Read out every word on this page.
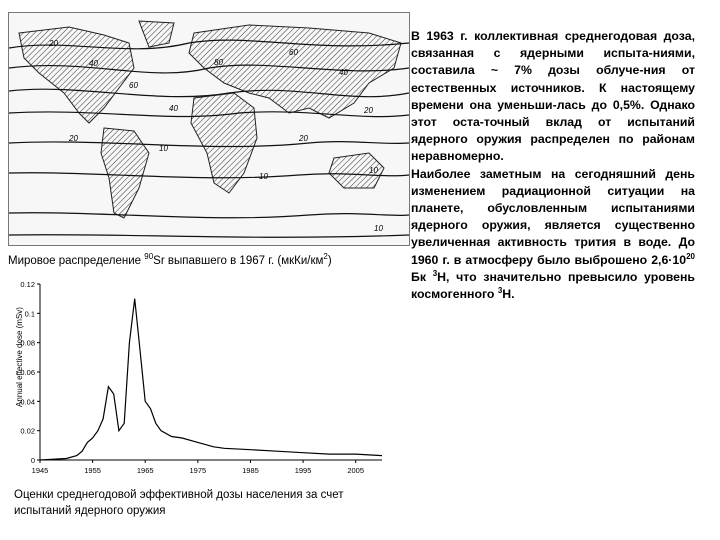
20
40
60
80
60
40
20
40
20
10
20
10
10
10
Мировое распределение $^{90}$Sr выпавшего в 1967 г. $(мкКи/км^2)$
Annual effective dose (mSv)
0
0.02
0.04
0.06
0.08
0.1
0.12
1945	1955	1965	1975	1985	1995	2005
Оценки среднегодовой эффективной дозы населения за счет испытаний ядерного оружия

В 1963 г. коллективная среднегодовая доза, связанная с ядерными испыта-ниями, составила ~ 7% дозы облуче-ния от естественных источников. К настоящему времени она уменьши-лась до 0,5%. Однако этот оста-точный вклад от испытаний ядерного оружия распределен по районам неравномерно.

Наиболее заметным на сегодняшний день изменением радиационной ситуации на планете, обусловленным испытаниями ядерного оружия, является существенно увеличенная активность трития в воде. До 1960 г. в атмосферу было выброшено $2,6\cdot 10^{20}$ Бк $^3$H, что значительно превысило уровень космогенного $^3$H.
